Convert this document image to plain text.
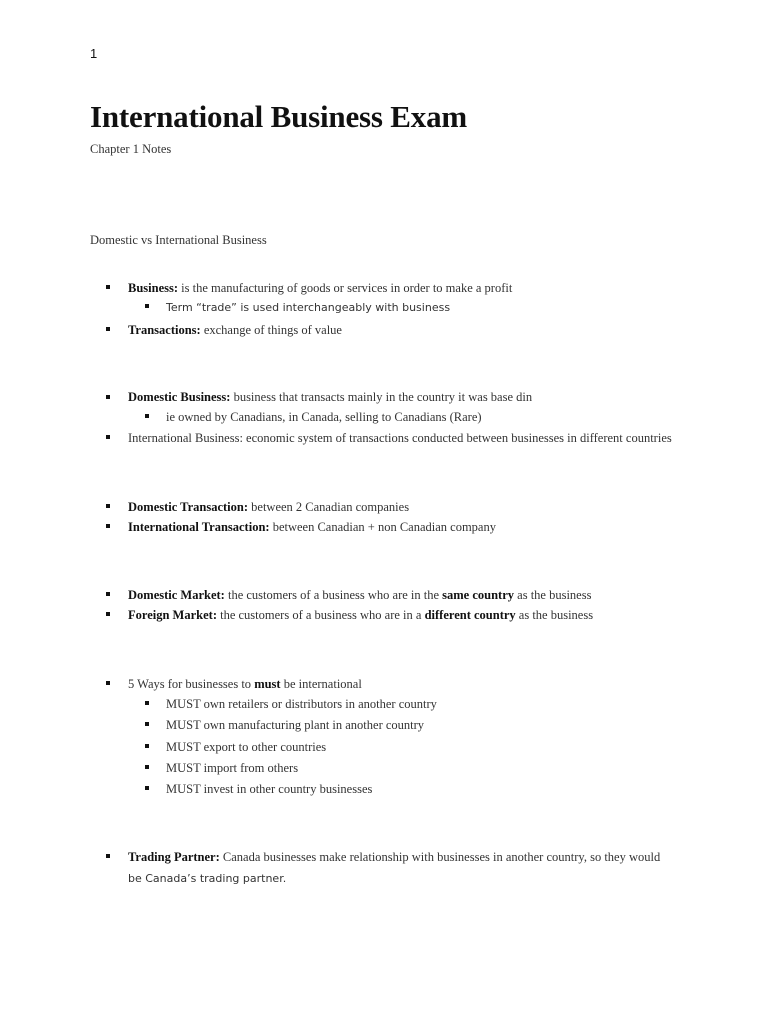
1
International Business Exam
Chapter 1 Notes
Domestic vs International Business
Business: is the manufacturing of goods or services in order to make a profit
Term “trade” is used interchangeably with business
Transactions: exchange of things of value
Domestic Business: business that transacts mainly in the country it was base din
ie owned by Canadians, in Canada, selling to Canadians (Rare)
International Business: economic system of transactions conducted between businesses in different countries
Domestic Transaction: between 2 Canadian companies
International Transaction: between Canadian + non Canadian company
Domestic Market: the customers of a business who are in the same country as the business
Foreign Market: the customers of a business who are in a different country as the business
5 Ways for businesses to must be international
MUST own retailers or distributors in another country
MUST own manufacturing plant in another country
MUST export to other countries
MUST import from others
MUST invest in other country businesses
Trading Partner: Canada businesses make relationship with businesses in another country, so they would
be Canada’s trading partner.
